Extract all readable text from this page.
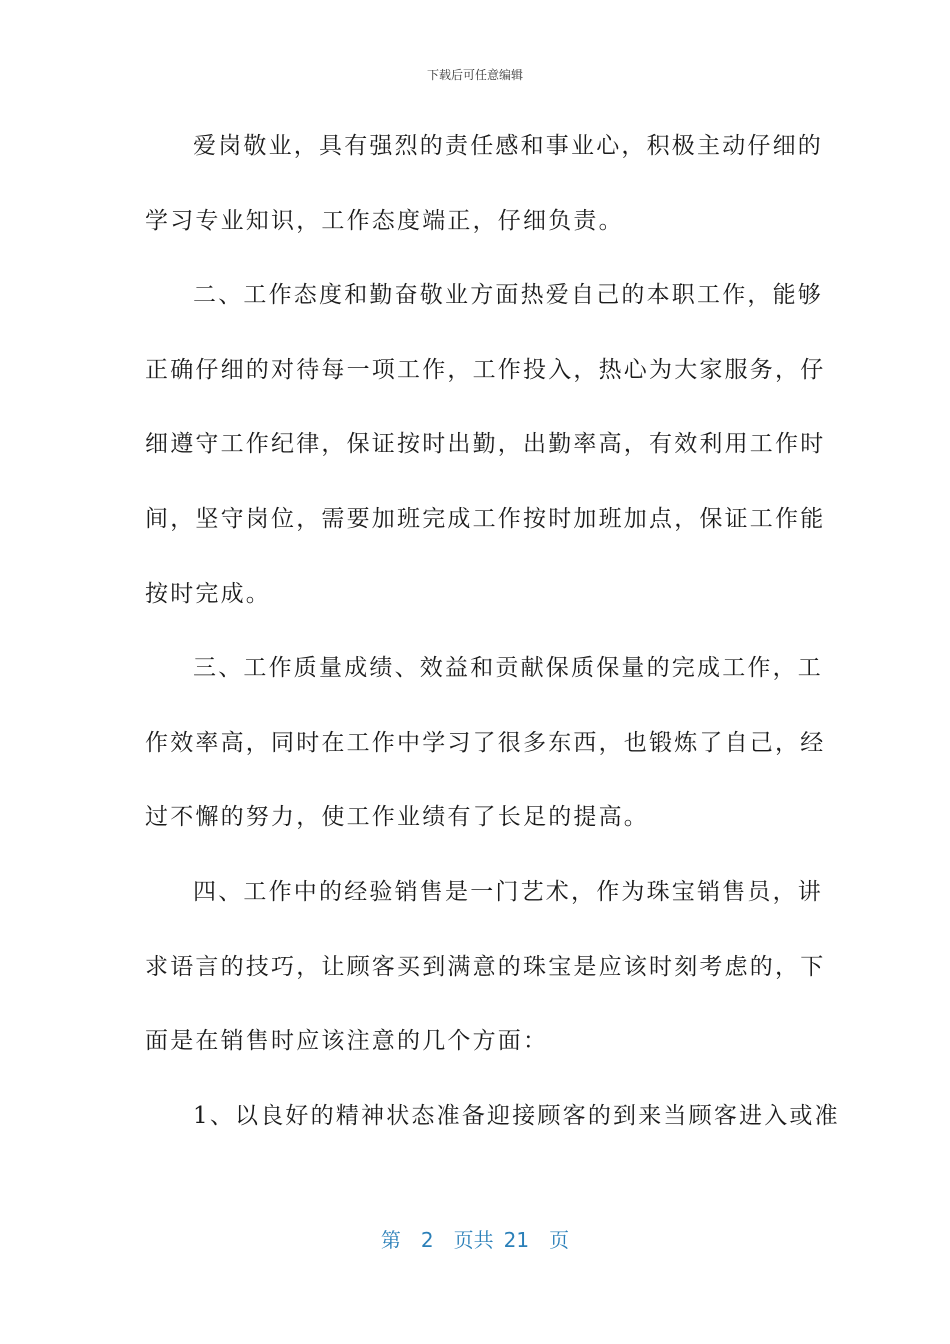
下载后可任意编辑
爱岗敬业，具有强烈的责任感和事业心，积极主动仔细的
学习专业知识，工作态度端正，仔细负责。
二、工作态度和勤奋敬业方面热爱自己的本职工作，能够
正确仔细的对待每一项工作，工作投入，热心为大家服务，仔
细遵守工作纪律，保证按时出勤，出勤率高，有效利用工作时
间，坚守岗位，需要加班完成工作按时加班加点，保证工作能
按时完成。
三、工作质量成绩、效益和贡献保质保量的完成工作，工
作效率高，同时在工作中学习了很多东西，也锻炼了自己，经
过不懈的努力，使工作业绩有了长足的提高。
四、工作中的经验销售是一门艺术，作为珠宝销售员，讲
求语言的技巧，让顾客买到满意的珠宝是应该时刻考虑的，下
面是在销售时应该注意的几个方面：
1、以良好的精神状态准备迎接顾客的到来当顾客进入或准
第 2 页共 21 页
